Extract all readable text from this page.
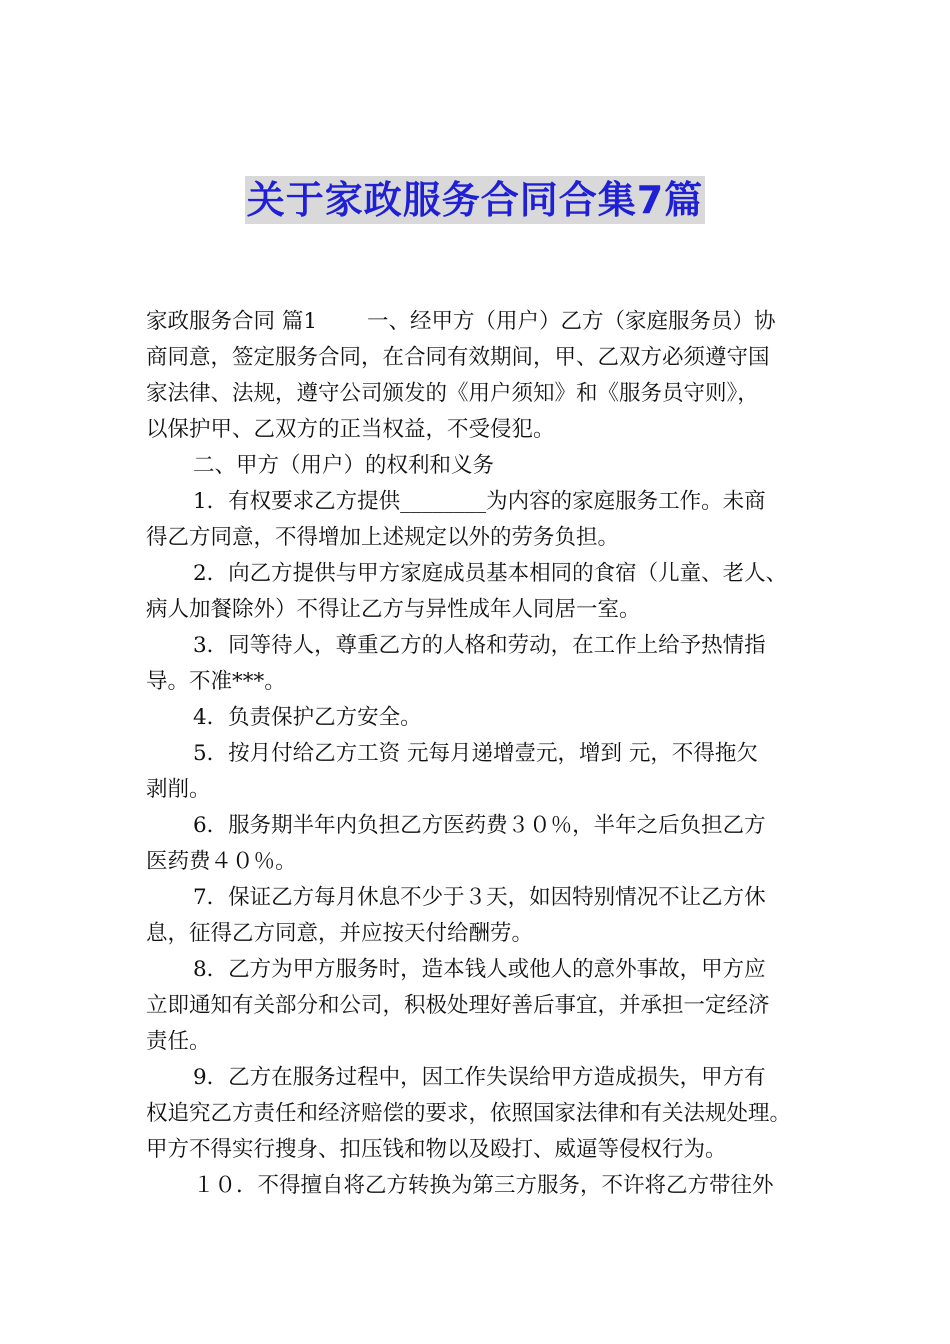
关于家政服务合同合集7篇
家政服务合同 篇1 一、经甲方（用户）乙方（家庭服务员）协
商同意，签定服务合同，在合同有效期间，甲、乙双方必须遵守国
家法律、法规，遵守公司颁发的《用户须知》和《服务员守则》，
以保护甲、乙双方的正当权益，不受侵犯。
二、甲方（用户）的权利和义务
1．有权要求乙方提供________为内容的家庭服务工作。未商
得乙方同意，不得增加上述规定以外的劳务负担。
2．向乙方提供与甲方家庭成员基本相同的食宿（儿童、老人、
病人加餐除外）不得让乙方与异性成年人同居一室。
3．同等待人，尊重乙方的人格和劳动，在工作上给予热情指
导。不准***。
4．负责保护乙方安全。
5．按月付给乙方工资 元每月递增壹元，增到 元，不得拖欠
剥削。
6．服务期半年内负担乙方医药费３０％，半年之后负担乙方
医药费４０％。
7．保证乙方每月休息不少于３天，如因特别情况不让乙方休
息，征得乙方同意，并应按天付给酬劳。
8．乙方为甲方服务时，造本钱人或他人的意外事故，甲方应
立即通知有关部分和公司，积极处理好善后事宜，并承担一定经济
责任。
9．乙方在服务过程中，因工作失误给甲方造成损失，甲方有
权追究乙方责任和经济赔偿的要求，依照国家法律和有关法规处理。
甲方不得实行搜身、扣压钱和物以及殴打、威逼等侵权行为。
１０．不得擅自将乙方转换为第三方服务，不许将乙方带往外
